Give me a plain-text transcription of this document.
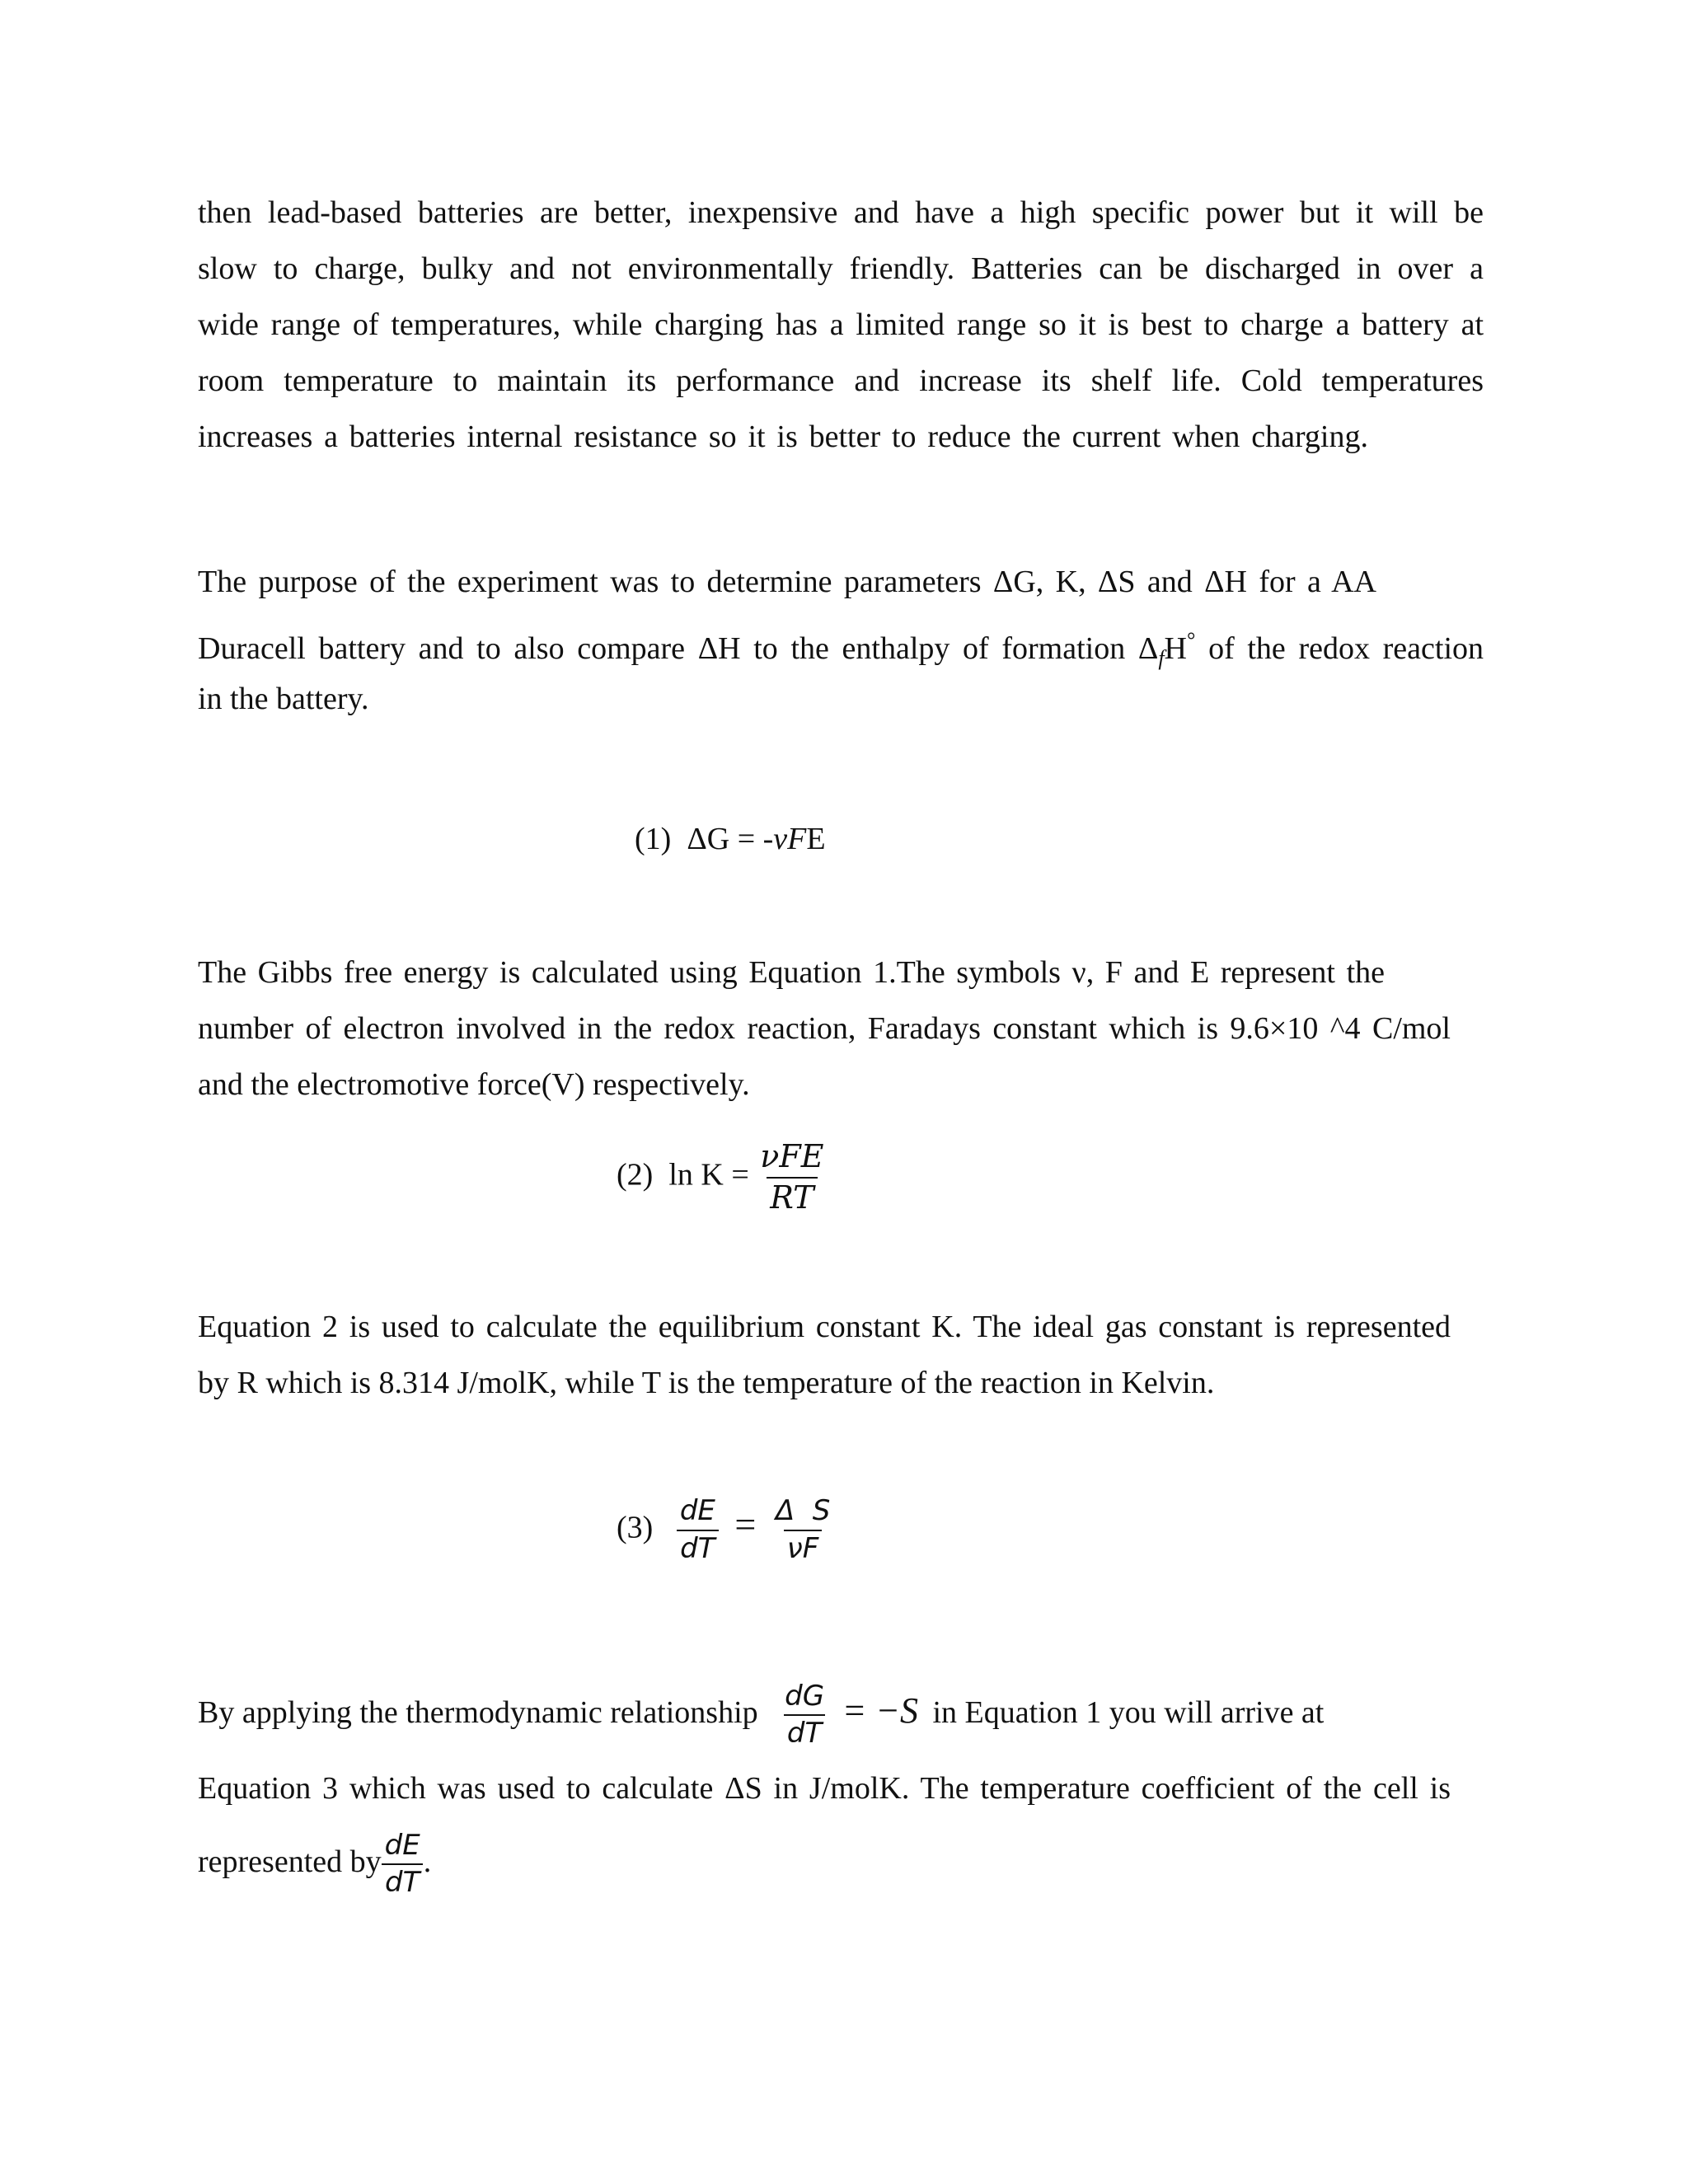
then lead-based batteries are better, inexpensive and have a high specific power but it will be
slow to charge, bulky and not environmentally friendly. Batteries can be discharged in over a
wide range of temperatures, while charging has a limited range so it is best to charge a battery at
room temperature to maintain its performance and increase its shelf life. Cold temperatures
increases a batteries internal resistance so it is better to reduce the current when charging.
The purpose of the experiment was to determine parameters ΔG, K, ΔS and ΔH for a AA
Duracell battery and to also compare ΔH to the enthalpy of formation $\Delta_fH^\circ$ of the redox reaction
in the battery.
(1) ΔG = -νFE
The Gibbs free energy is calculated using Equation 1.The symbols ν, F and E represent the
number of electron involved in the redox reaction, Faradays constant which is 9.6×10 ^4 C/mol
and the electromotive force(V) respectively.
(2) $\ln K = \frac{\text{νFE}}{RT}$
Equation 2 is used to calculate the equilibrium constant K. The ideal gas constant is represented
by R which is 8.314 J/molK, while T is the temperature of the reaction in Kelvin.
$(3) \frac{dE}{dT} = \frac{\text{Δ  S}}{\nu F}$
By applying the thermodynamic relationship $\frac{dG}{dT} = -S$ in Equation 1 you will arrive at
Equation 3 which was used to calculate ΔS in J/molK. The temperature coefficient of the cell is
represented by $\frac{dE}{dT}$ .
